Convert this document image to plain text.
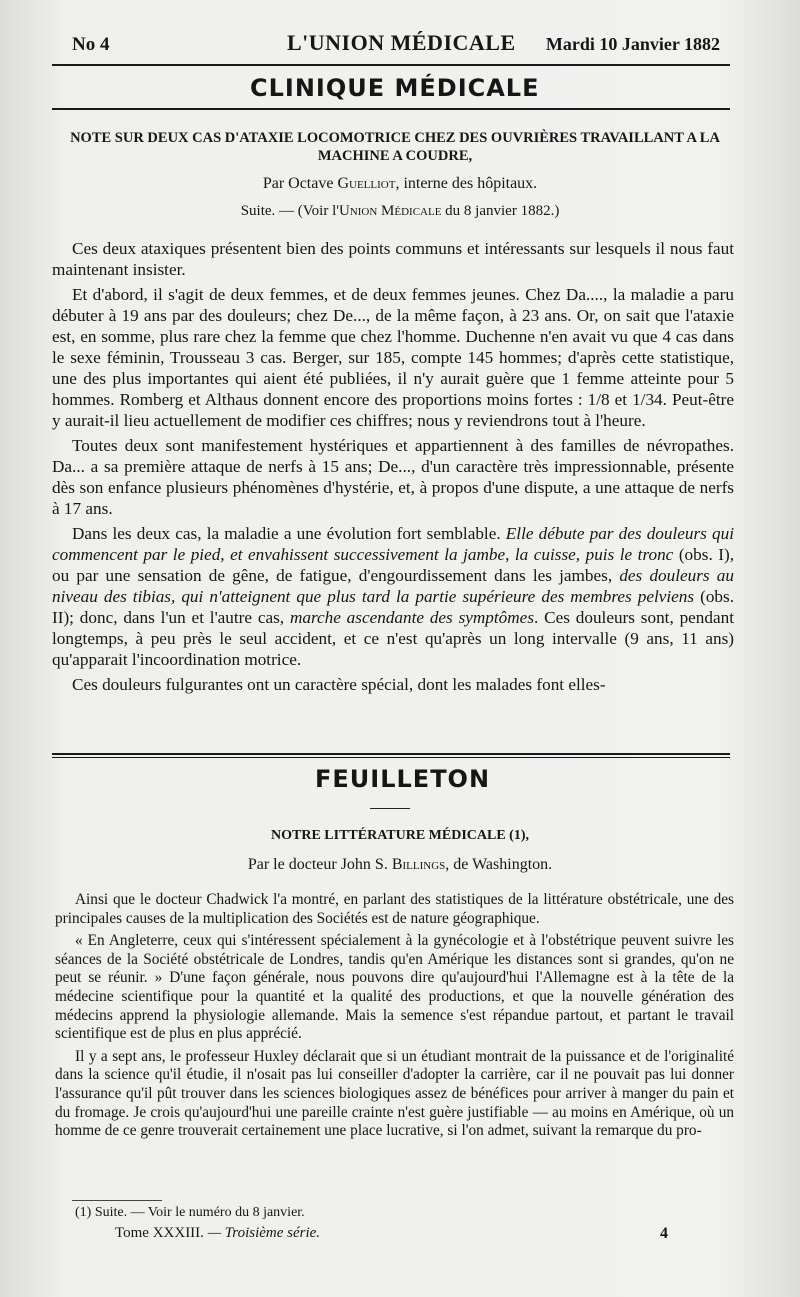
No 4	L'UNION MÉDICALE Mardi 10 Janvier 1882
CLINIQUE MÉDICALE
NOTE SUR DEUX CAS D'ATAXIE LOCOMOTRICE CHEZ DES OUVRIÈRES TRAVAILLANT A LA MACHINE A COUDRE,
Par Octave Guelliot, interne des hôpitaux.
Suite. — (Voir l'Union Médicale du 8 janvier 1882.)

Ces deux ataxiques présentent bien des points communs et intéressants sur lesquels il nous faut maintenant insister.

Et d'abord, il s'agit de deux femmes, et de deux femmes jeunes. Chez Da...., la maladie a paru débuter à 19 ans par des douleurs; chez De..., de la même façon, à 23 ans. Or, on sait que l'ataxie est, en somme, plus rare chez la femme que chez l'homme. Duchenne n'en avait vu que 4 cas dans le sexe féminin, Trousseau 3 cas. Berger, sur 185, compte 145 hommes; d'après cette statistique, une des plus importantes qui aient été publiées, il n'y aurait guère que 1 femme atteinte pour 5 hommes. Romberg et Althaus donnent encore des proportions moins fortes : 1/8 et 1/34. Peut-être y aurait-il lieu actuellement de modifier ces chiffres; nous y reviendrons tout à l'heure.

Toutes deux sont manifestement hystériques et appartiennent à des familles de névropathes. Da... a sa première attaque de nerfs à 15 ans; De..., d'un caractère très impressionnable, présente dès son enfance plusieurs phénomènes d'hystérie, et, à propos d'une dispute, a une attaque de nerfs à 17 ans.

Dans les deux cas, la maladie a une évolution fort semblable. Elle débute par des douleurs qui commencent par le pied, et envahissent successivement la jambe, la cuisse, puis le tronc (obs. I), ou par une sensation de gêne, de fatigue, d'engourdissement dans les jambes, des douleurs au niveau des tibias, qui n'atteignent que plus tard la partie supérieure des membres pelviens (obs. II); donc, dans l'un et l'autre cas, marche ascendante des symptômes. Ces douleurs sont, pendant longtemps, à peu près le seul accident, et ce n'est qu'après un long intervalle (9 ans, 11 ans) qu'apparait l'incoordination motrice.

Ces douleurs fulgurantes ont un caractère spécial, dont les malades font elles-

FEUILLETON
NOTRE LITTÉRATURE MÉDICALE (1),
Par le docteur John S. Billings, de Washington.

Ainsi que le docteur Chadwick l'a montré, en parlant des statistiques de la littérature obstétricale, une des principales causes de la multiplication des Sociétés est de nature géographique.

« En Angleterre, ceux qui s'intéressent spécialement à la gynécologie et à l'obstétrique peuvent suivre les séances de la Société obstétricale de Londres, tandis qu'en Amérique les distances sont si grandes, qu'on ne peut se réunir. » D'une façon générale, nous pouvons dire qu'aujourd'hui l'Allemagne est à la tête de la médecine scientifique pour la quantité et la qualité des productions, et que la nouvelle génération des médecins apprend la physiologie allemande. Mais la semence s'est répandue partout, et partant le travail scientifique est de plus en plus apprécié.

Il y a sept ans, le professeur Huxley déclarait que si un étudiant montrait de la puissance et de l'originalité dans la science qu'il étudie, il n'osait pas lui conseiller d'adopter la carrière, car il ne pouvait pas lui donner l'assurance qu'il pût trouver dans les sciences biologiques assez de bénéfices pour arriver à manger du pain et du fromage. Je crois qu'aujourd'hui une pareille crainte n'est guère justifiable — au moins en Amérique, où un homme de ce genre trouverait certainement une place lucrative, si l'on admet, suivant la remarque du pro-

(1) Suite. — Voir le numéro du 8 janvier.
Tome XXXIII. — Troisième série.	4
